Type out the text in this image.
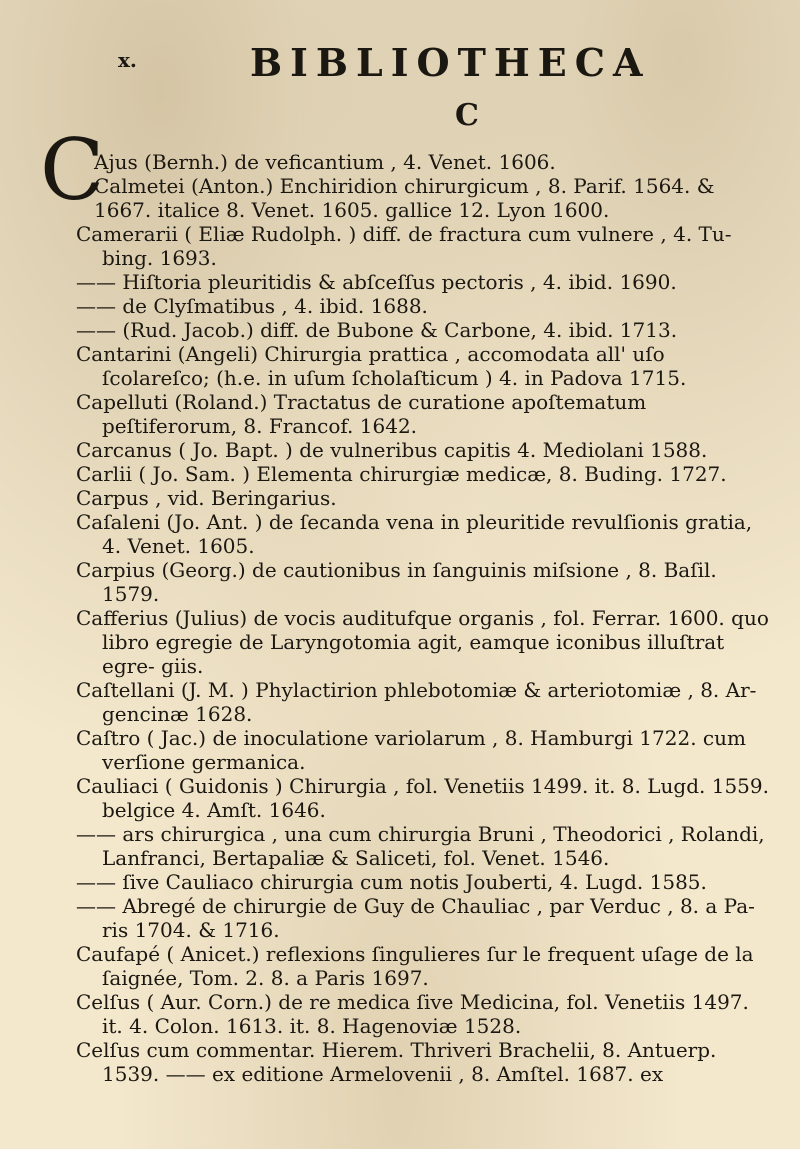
x.	BIBLIOTHECA
C
C

Ajus (Bernh.) de veficantium , 4. Venet. 1606.

Calmetei (Anton.) Enchiridion chirurgicum , 8. Parif. 1564. & 1667. italice 8. Venet. 1605. gallice 12. Lyon 1600.

Camerarii ( Eliæ Rudolph. ) diff. de fractura cum vulnere , 4. Tu- bing. 1693.

—— Hiſtoria pleuritidis & abſceſſus pectoris , 4. ibid. 1690.

—— de Clyſmatibus , 4. ibid. 1688.

—— (Rud. Jacob.) diff. de Bubone & Carbone, 4. ibid. 1713.

Cantarini (Angeli) Chirurgia prattica , accomodata all' uſo ſcolareſco; (h.e. in uſum ſcholaſticum ) 4. in Padova 1715.

Capelluti (Roland.) Tractatus de curatione apoſtematum peſtiferorum, 8. Francof. 1642.

Carcanus ( Jo. Bapt. ) de vulneribus capitis 4. Mediolani 1588.

Carlii ( Jo. Sam. ) Elementa chirurgiæ medicæ, 8. Buding. 1727.

Carpus , vid. Beringarius.

Caſaleni (Jo. Ant. ) de ſecanda vena in pleuritide revulſionis gratia, 4. Venet. 1605.

Carpius (Georg.) de cautionibus in ſanguinis miſsione , 8. Baſil. 1579.

Cafferius (Julius) de vocis auditufque organis , fol. Ferrar. 1600. quo libro egregie de Laryngotomia agit, eamque iconibus illuſtrat egre- giis.

Caſtellani (J. M. ) Phylactirion phlebotomiæ & arteriotomiæ , 8. Ar- gencinæ 1628.

Caſtro ( Jac.) de inoculatione variolarum , 8. Hamburgi 1722. cum verſione germanica.

Cauliaci ( Guidonis ) Chirurgia , fol. Venetiis 1499. it. 8. Lugd. 1559. belgice 4. Amſt. 1646.

—— ars chirurgica , una cum chirurgia Bruni , Theodorici , Rolandi, Lanfranci, Bertapaliæ & Saliceti, fol. Venet. 1546.

—— ſive Cauliaco chirurgia cum notis Jouberti, 4. Lugd. 1585.

—— Abregé de chirurgie de Guy de Chauliac , par Verduc , 8. a Pa- ris 1704. & 1716.

Caufapé ( Anicet.) reflexions ſingulieres ſur le frequent uſage de la ſaignée, Tom. 2. 8. a Paris 1697.

Celſus ( Aur. Corn.) de re medica ſive Medicina, fol. Venetiis 1497. it. 4. Colon. 1613. it. 8. Hagenoviæ 1528.

Celſus cum commentar. Hierem. Thriveri Brachelii, 8. Antuerp. 1539. —— ex editione Armelovenii , 8. Amſtel. 1687. ex
